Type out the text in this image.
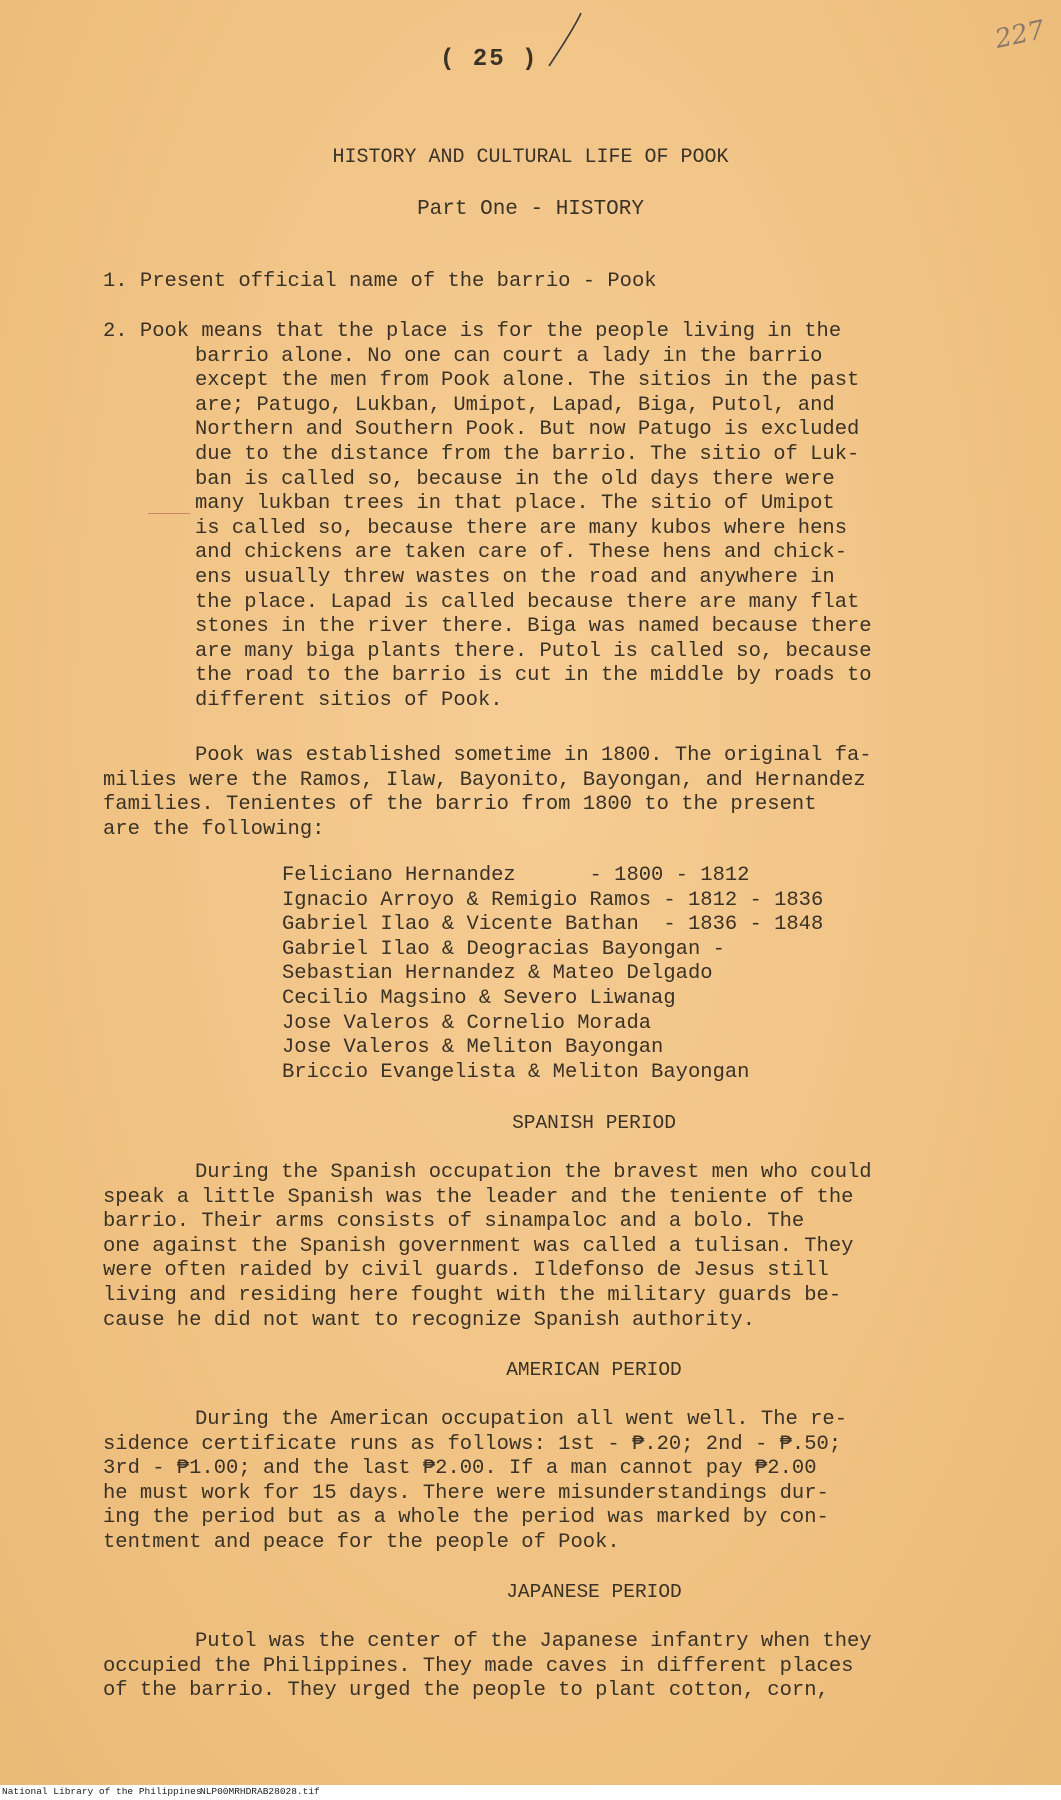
227
( 25 )
HISTORY AND CULTURAL LIFE OF POOK
Part One - HISTORY
1. Present official name of the barrio - Pook
2. Pook means that the place is for the people living in the
barrio alone. No one can court a lady in the barrio
except the men from Pook alone. The sitios in the past
are; Patugo, Lukban, Umipot, Lapad, Biga, Putol, and
Northern and Southern Pook. But now Patugo is excluded
due to the distance from the barrio. The sitio of Luk-
ban is called so, because in the old days there were
many lukban trees in that place. The sitio of Umipot
is called so, because there are many kubos where hens
and chickens are taken care of. These hens and chick-
ens usually threw wastes on the road and anywhere in
the place. Lapad is called because there are many flat
stones in the river there. Biga was named because there
are many biga plants there. Putol is called so, because
the road to the barrio is cut in the middle by roads to
different sitios of Pook.
Pook was established sometime in 1800. The original fa-
milies were the Ramos, Ilaw, Bayonito, Bayongan, and Hernandez
families. Tenientes of the barrio from 1800 to the present
are the following:
Feliciano Hernandez      - 1800 - 1812
Ignacio Arroyo & Remigio Ramos - 1812 - 1836
Gabriel Ilao & Vicente Bathan  - 1836 - 1848
Gabriel Ilao & Deogracias Bayongan -
Sebastian Hernandez & Mateo Delgado
Cecilio Magsino & Severo Liwanag
Jose Valeros & Cornelio Morada
Jose Valeros & Meliton Bayongan
Briccio Evangelista & Meliton Bayongan
SPANISH PERIOD
During the Spanish occupation the bravest men who could
speak a little Spanish was the leader and the teniente of the
barrio. Their arms consists of sinampaloc and a bolo. The
one against the Spanish government was called a tulisan. They
were often raided by civil guards. Ildefonso de Jesus still
living and residing here fought with the military guards be-
cause he did not want to recognize Spanish authority.
AMERICAN PERIOD
During the American occupation all went well. The re-
sidence certificate runs as follows: 1st - ₱.20; 2nd - ₱.50;
3rd - ₱1.00; and the last ₱2.00. If a man cannot pay ₱2.00
he must work for 15 days. There were misunderstandings dur-
ing the period but as a whole the period was marked by con-
tentment and peace for the people of Pook.
JAPANESE PERIOD
Putol was the center of the Japanese infantry when they
occupied the Philippines. They made caves in different places
of the barrio. They urged the people to plant cotton, corn,
National Library of the Philippines
NLP00MRHDRAB28028.tif
